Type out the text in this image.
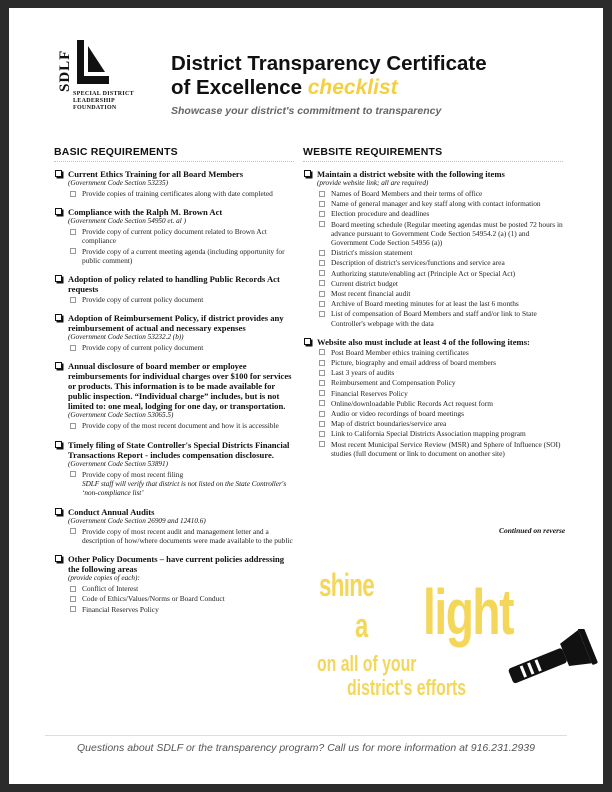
SDLF
SPECIAL DISTRICT
LEADERSHIP FOUNDATION
District Transparency Certificate
of Excellence checklist
Showcase your district's commitment to transparency
BASIC REQUIREMENTS
Current Ethics Training for all Board Members
(Government Code Section 53235)
Provide copies of training certificates along with date completed
Compliance with the Ralph M. Brown Act
(Government Code Section 54950 et. al )
Provide copy of current policy document related to Brown Act compliance
Provide copy of a current meeting agenda (including opportunity for public comment)
Adoption of policy related to handling Public Records Act requests
Provide copy of current policy document
Adoption of Reimbursement Policy, if district provides any reimbursement of actual and necessary expenses
(Government Code Section 53232.2 (b))
Provide copy of current policy document
Annual disclosure of board member or employee reimbursements for individual charges over $100 for services or products. This information is to be made available for public inspection. “Individual charge” includes, but is not limited to: one meal, lodging for one day, or transportation.
(Government Code Section 53065.5)
Provide copy of the most recent document and how it is accessible
Timely filing of State Controller's Special Districts Financial Transactions Report - includes compensation disclosure.
(Government Code Section 53891)
Provide copy of most recent filing
SDLF staff will verify that district is not listed on the State Controller's ‘non-compliance list’
Conduct Annual Audits
(Government Code Section 26909 and 12410.6)
Provide copy of most recent audit and management letter and a description of how/where documents were made available to the public
Other Policy Documents – have current policies addressing the following areas
(provide copies of each):
Conflict of Interest
Code of Ethics/Values/Norms or Board Conduct
Financial Reserves Policy
WEBSITE REQUIREMENTS
Maintain a district website with the following items
(provide website link; all are required)
Names of Board Members and their terms of office
Name of general manager and key staff along with contact information
Election procedure and deadlines
Board meeting schedule (Regular meeting agendas must be posted 72 hours in advance pursuant to Government Code Section 54954.2 (a) (1) and Government Code Section 54956 (a))
District's mission statement
Description of district's services/functions and service area
Authorizing statute/enabling act (Principle Act or Special Act)
Current district budget
Most recent financial audit
Archive of Board meeting minutes for at least the last 6 months
List of compensation of Board Members and staff and/or link to State Controller's webpage with the data
Website also must include at least 4 of the following items:
Post Board Member ethics training certificates
Picture, biography and email address of board members
Last 3 years of audits
Reimbursement and Compensation Policy
Financial Reserves Policy
Online/downloadable Public Records Act request form
Audio or video recordings of board meetings
Map of district boundaries/service area
Link to California Special Districts Association mapping program
Most recent Municipal Service Review (MSR) and Sphere of Influence (SOI) studies (full document or link to document on another site)
Continued on reverse
shine
a light
on all of your
district's efforts
Questions about SDLF or the transparency program? Call us for more information at 916.231.2939
